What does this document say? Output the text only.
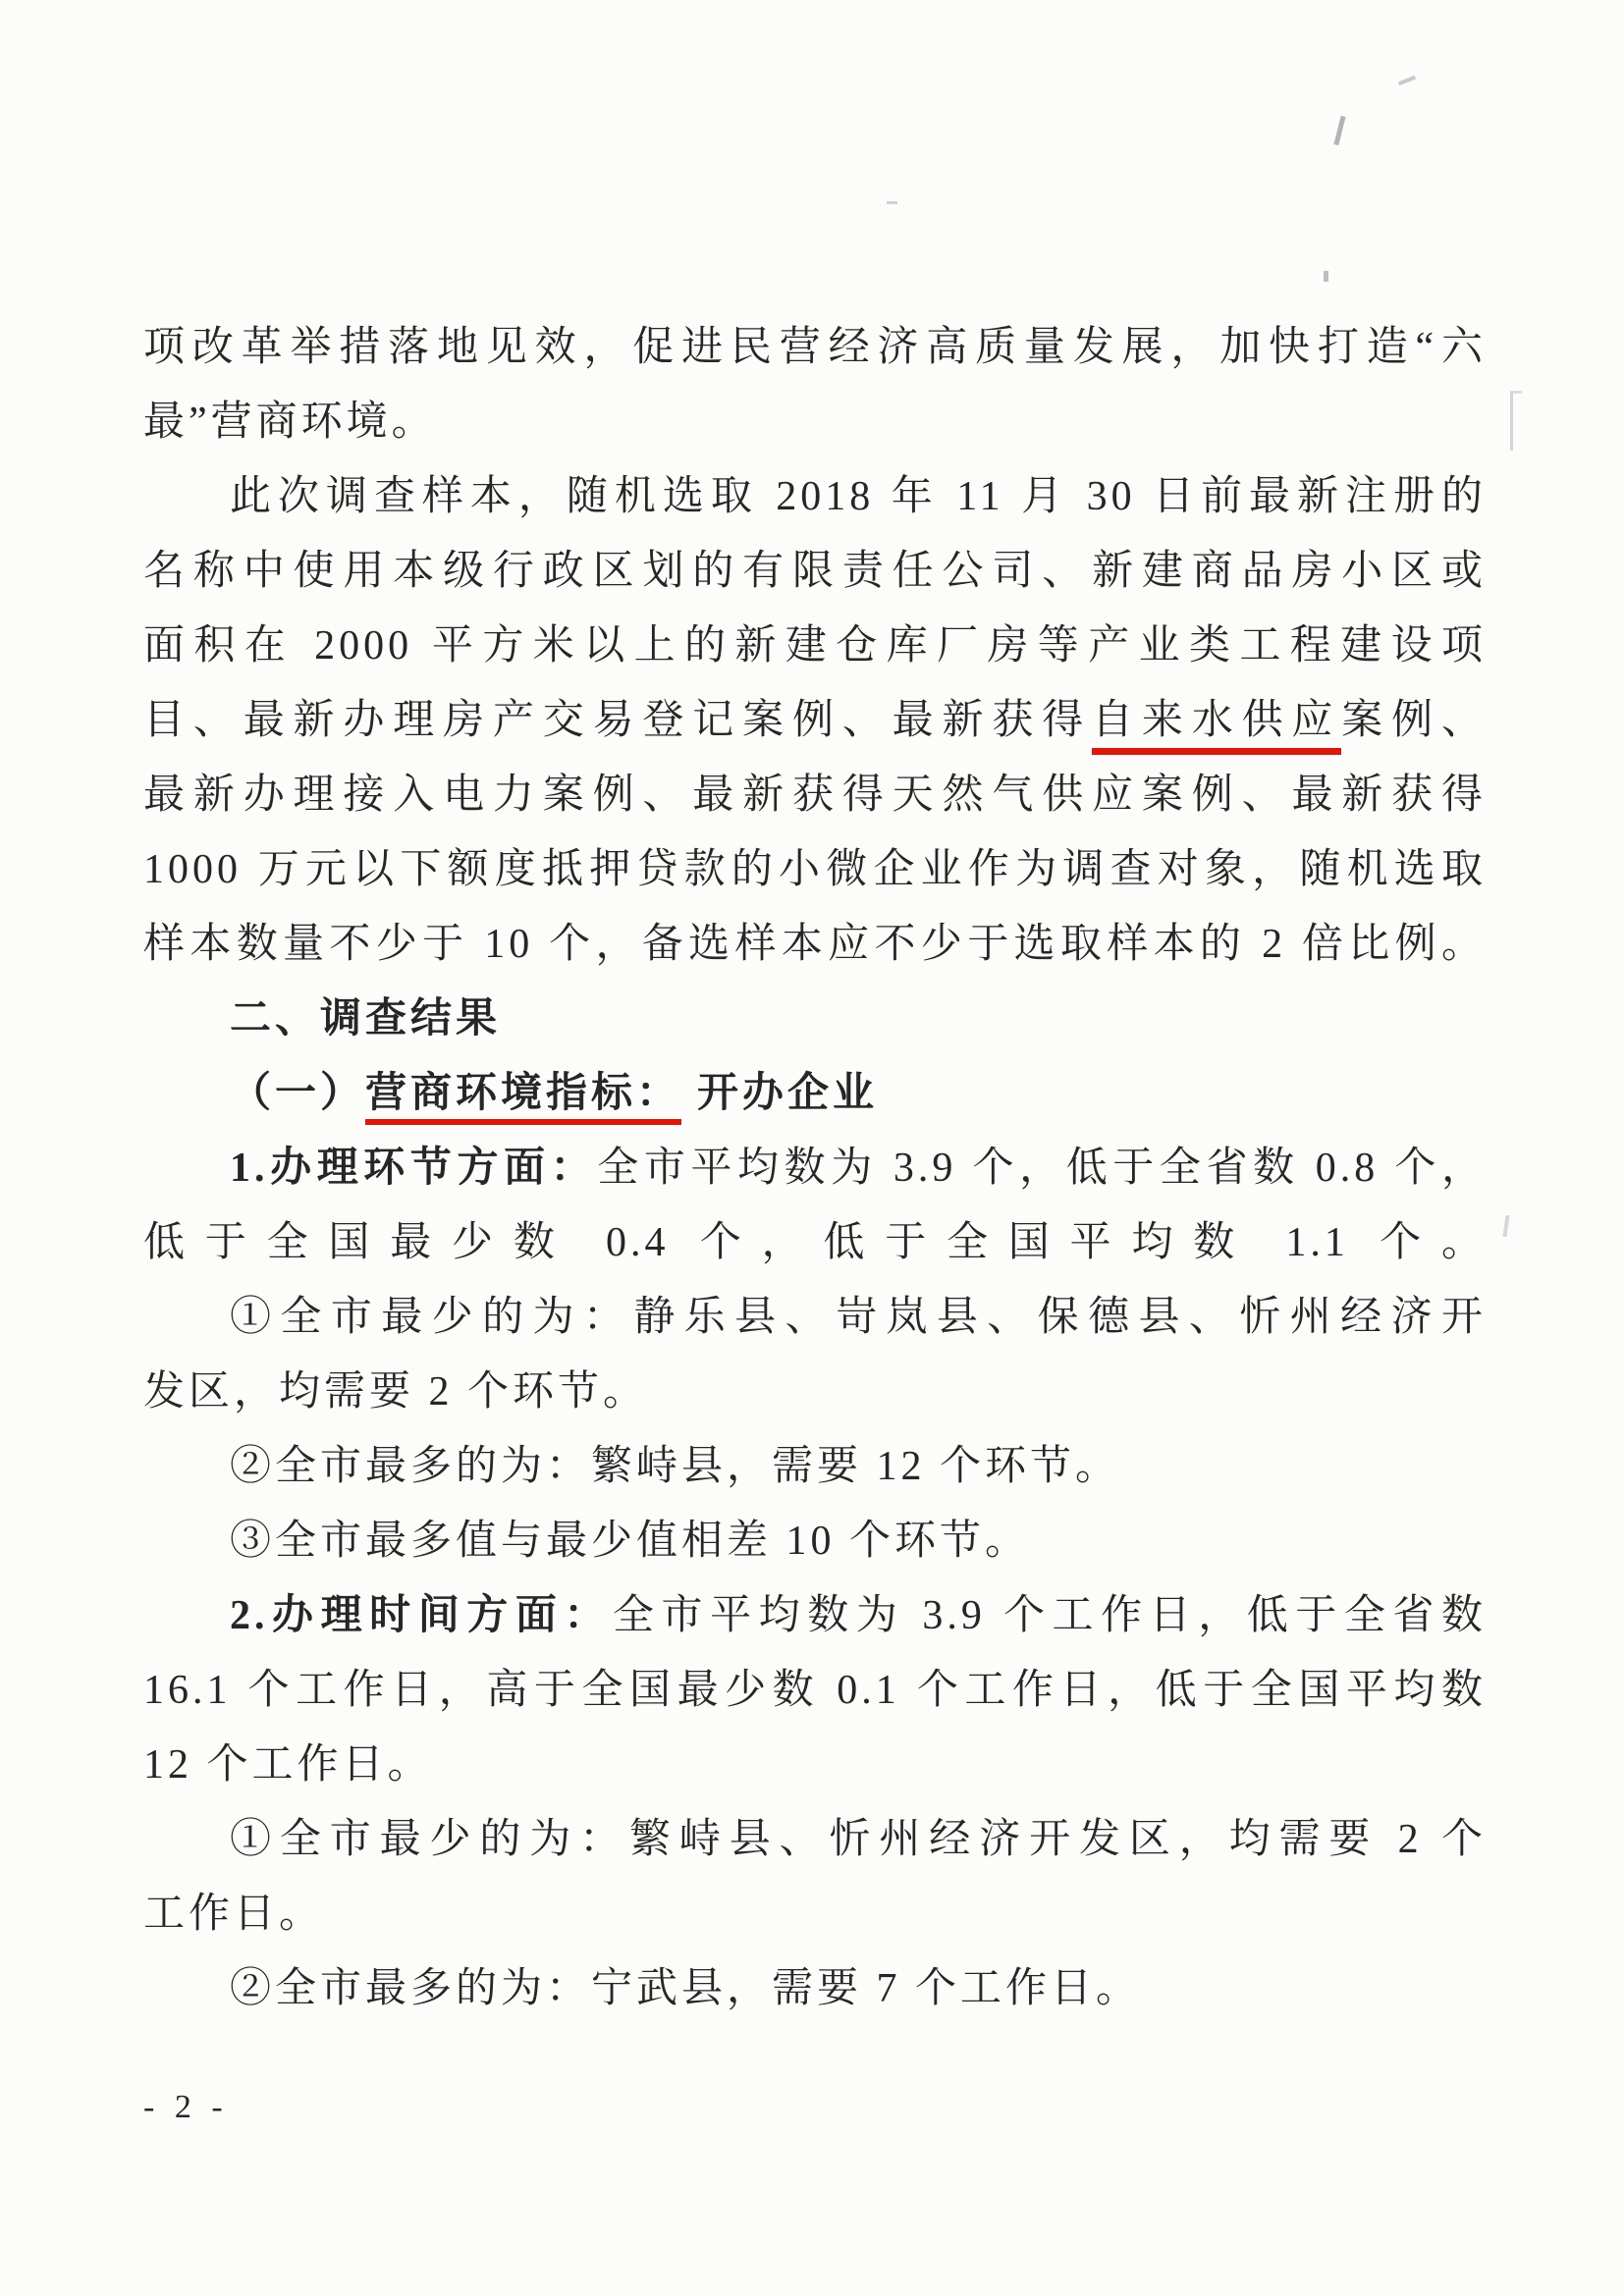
项改革举措落地见效，促进民营经济高质量发展，加快打造“六
最”营商环境。
此次调查样本，随机选取 2018 年 11 月 30 日前最新注册的
名称中使用本级行政区划的有限责任公司、新建商品房小区或
面积在 2000 平方米以上的新建仓库厂房等产业类工程建设项
目、最新办理房产交易登记案例、最新获得自来水供应案例、
最新办理接入电力案例、最新获得天然气供应案例、最新获得
1000 万元以下额度抵押贷款的小微企业作为调查对象，随机选取
样本数量不少于 10 个，备选样本应不少于选取样本的 2 倍比例。
二、调查结果
（一）营商环境指标： 开办企业
1.办理环节方面：全市平均数为 3.9 个，低于全省数 0.8 个，
低于全国最少数 0.4 个，低于全国平均数 1.1 个。
①全市最少的为：静乐县、岢岚县、保德县、忻州经济开
发区，均需要 2 个环节。
②全市最多的为：繁峙县，需要 12 个环节。
③全市最多值与最少值相差 10 个环节。
2.办理时间方面：全市平均数为 3.9 个工作日，低于全省数
16.1 个工作日，高于全国最少数 0.1 个工作日，低于全国平均数
12 个工作日。
①全市最少的为：繁峙县、忻州经济开发区，均需要 2 个
工作日。
②全市最多的为：宁武县，需要 7 个工作日。
- 2 -
